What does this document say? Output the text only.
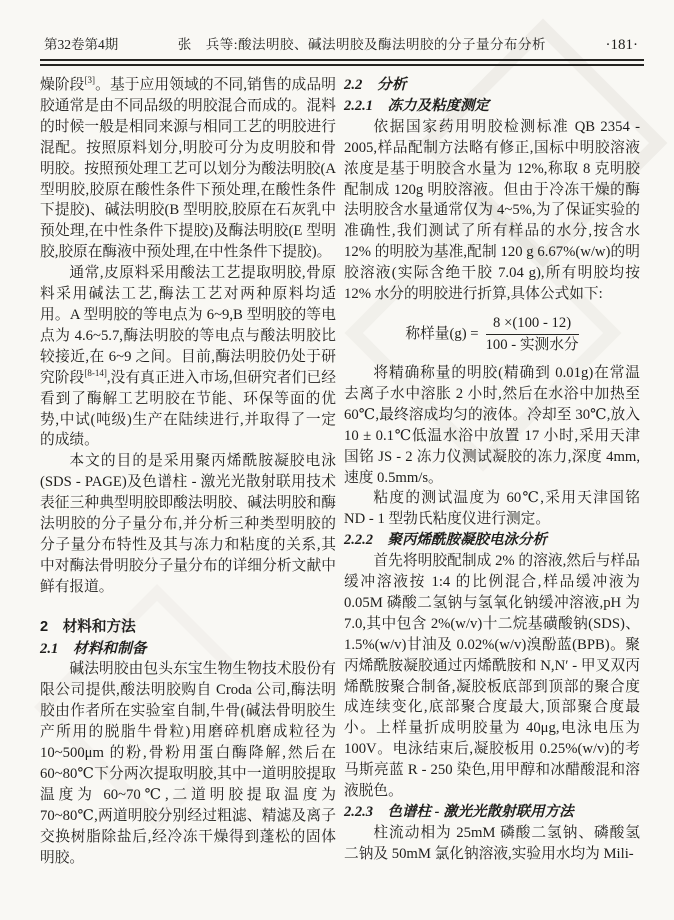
第32卷第4期	张　兵等:酸法明胶、碱法明胶及酶法明胶的分子量分布分析	·181·

燥阶段[3]。基于应用领域的不同,销售的成品明胶通常是由不同品级的明胶混合而成的。混料的时候一般是相同来源与相同工艺的明胶进行混配。按照原料划分,明胶可分为皮明胶和骨明胶。按照预处理工艺可以划分为酸法明胶(A 型明胶,胶原在酸性条件下预处理,在酸性条件下提胶)、碱法明胶(B 型明胶,胶原在石灰乳中预处理,在中性条件下提胶)及酶法明胶(E 型明胶,胶原在酶液中预处理,在中性条件下提胶)。

通常,皮原料采用酸法工艺提取明胶,骨原料采用碱法工艺,酶法工艺对两种原料均适用。A 型明胶的等电点为 6~9,B 型明胶的等电点为 4.6~5.7,酶法明胶的等电点与酸法明胶比较接近,在 6~9 之间。目前,酶法明胶仍处于研究阶段[8-14],没有真正进入市场,但研究者们已经看到了酶解工艺明胶在节能、环保等面的优势,中试(吨级)生产在陆续进行,并取得了一定的成绩。

本文的目的是采用聚丙烯酰胺凝胶电泳(SDS - PAGE)及色谱柱 - 激光光散射联用技术表征三种典型明胶即酸法明胶、碱法明胶和酶法明胶的分子量分布,并分析三种类型明胶的分子量分布特性及其与冻力和粘度的关系,其中对酶法骨明胶分子量分布的详细分析文献中鲜有报道。

2　材料和方法
2.1　材料和制备

碱法明胶由包头东宝生物生物技术股份有限公司提供,酸法明胶购自 Croda 公司,酶法明胶由作者所在实验室自制,牛骨(碱法骨明胶生产所用的脱脂牛骨粒)用磨碎机磨成粒径为 10~500μm 的粉,骨粉用蛋白酶降解,然后在 60~80℃下分两次提取明胶,其中一道明胶提取温度为 60~70℃,二道明胶提取温度为 70~80℃,两道明胶分别经过粗滤、精滤及离子交换树脂除盐后,经冷冻干燥得到蓬松的固体明胶。

2.2　分析
2.2.1　冻力及粘度测定

依据国家药用明胶检测标准 QB 2354 - 2005,样品配制方法略有修正,国标中明胶溶液浓度是基于明胶含水量为 12%,称取 8 克明胶配制成 120g 明胶溶液。但由于冷冻干燥的酶法明胶含水量通常仅为 4~5%,为了保证实验的准确性,我们测试了所有样品的水分,按含水 12% 的明胶为基准,配制 120 g 6.67%(w/w)的明胶溶液(实际含绝干胶 7.04 g),所有明胶均按 12% 水分的明胶进行折算,具体公式如下:

称样量$(g) = \frac{8 \times(100 - 12)}{\text{100 - 实测水分}}$

将精确称量的明胶(精确到 0.01g)在常温去离子水中溶胀 2 小时,然后在水浴中加热至 60℃,最终溶成均匀的液体。冷却至 30℃,放入 10 ± 0.1℃低温水浴中放置 17 小时,采用天津国铭 JS - 2 冻力仪测试凝胶的冻力,深度 4mm,速度 0.5mm/s。

粘度的测试温度为 60℃,采用天津国铭 ND - 1 型勃氏粘度仪进行测定。

2.2.2　聚丙烯酰胺凝胶电泳分析

首先将明胶配制成 2% 的溶液,然后与样品缓冲溶液按 1:4 的比例混合,样品缓冲液为 0.05M 磷酸二氢钠与氢氧化钠缓冲溶液,pH 为 7.0,其中包含 2%(w/v)十二烷基磺酸钠(SDS)、1.5%(w/v)甘油及 0.02%(w/v)溴酚蓝(BPB)。聚丙烯酰胺凝胶通过丙烯酰胺和 N,N′ - 甲叉双丙烯酰胺聚合制备,凝胶板底部到顶部的聚合度成连续变化,底部聚合度最大,顶部聚合度最小。上样量折成明胶量为 40μg,电泳电压为 100V。电泳结束后,凝胶板用 0.25%(w/v)的考马斯亮蓝 R - 250 染色,用甲醇和冰醋酸混和溶液脱色。

2.2.3　色谱柱 - 激光光散射联用方法

柱流动相为 25mM 磷酸二氢钠、磷酸氢二钠及 50mM 氯化钠溶液,实验用水均为 Mili-
